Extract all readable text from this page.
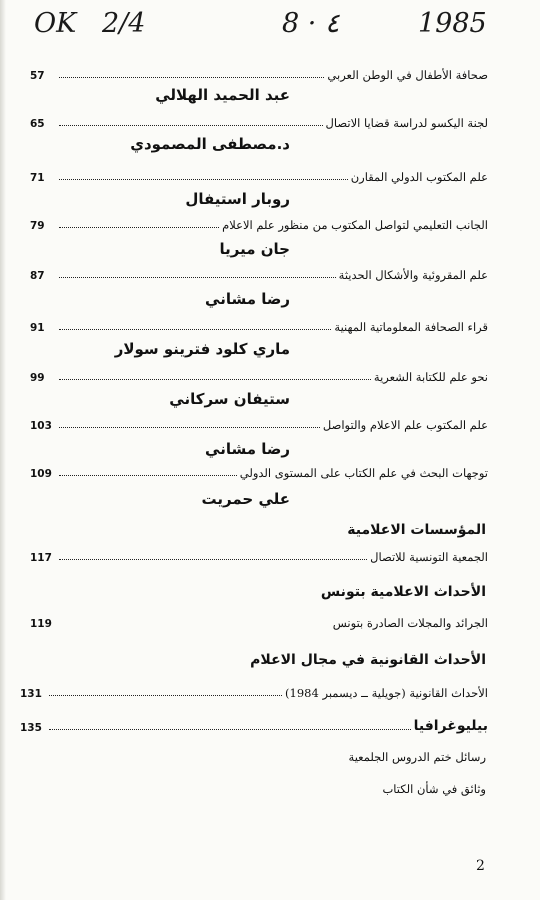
OK 2/4	8 · ٤	1985
صحافة الأطفال في الوطن العربي
57
عبد الحميد الهلالي
لجنة اليكسو لدراسة قضايا الاتصال
65
د.مصطفى المصمودي
علم المكتوب الدولي المقارن
71
روبار استيفال
الجانب التعليمي لتواصل المكتوب من منظور علم الاعلام
79
جان ميريا
علم المقروئية والأشكال الحديثة
87
رضا مشاني
قراء الصحافة المعلوماتية المهنية
91
ماري كلود فترينو سولار
نحو علم للكتابة الشعرية
99
ستيفان سركاني
علم المكتوب علم الاعلام والتواصل
103
رضا مشاني
توجهات البحث في علم الكتاب على المستوى الدولي
109
علي حمريت
المؤسسات الاعلامية
الجمعية التونسية للاتصال
117
الأحداث الاعلامية بتونس
الجرائد والمجلات الصادرة بتونس
119
الأحداث القانونية في مجال الاعلام
الأحداث القانونية (جويلية ــ ديسمبر 1984)
131
بيليوغرافيا
135
رسائل ختم الدروس الجلمعية
وثائق في شأن الكتاب
2
